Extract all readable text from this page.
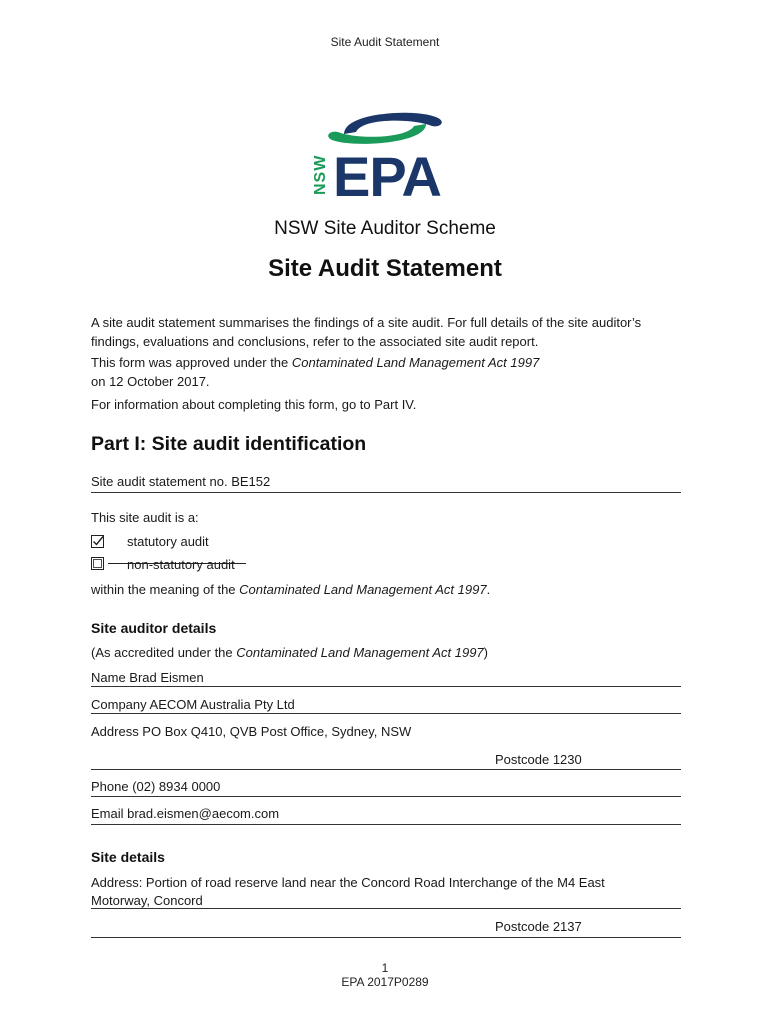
Site Audit Statement
NSW EPA
NSW Site Auditor Scheme
Site Audit Statement
A site audit statement summarises the findings of a site audit. For full details of the site auditor’s findings, evaluations and conclusions, refer to the associated site audit report.
This form was approved under the Contaminated Land Management Act 1997
on 12 October 2017.
For information about completing this form, go to Part IV.
Part I: Site audit identification
Site audit statement no. BE152
This site audit is a:
statutory audit
non-statutory audit
within the meaning of the Contaminated Land Management Act 1997.
Site auditor details
(As accredited under the Contaminated Land Management Act 1997)
Name Brad Eismen
Company AECOM Australia Pty Ltd
Address PO Box Q410, QVB Post Office, Sydney, NSW
Postcode 1230
Phone (02) 8934 0000
Email brad.eismen@aecom.com
Site details
Address: Portion of road reserve land near the Concord Road Interchange of the M4 East
Motorway, Concord
Postcode 2137
1
EPA 2017P0289
